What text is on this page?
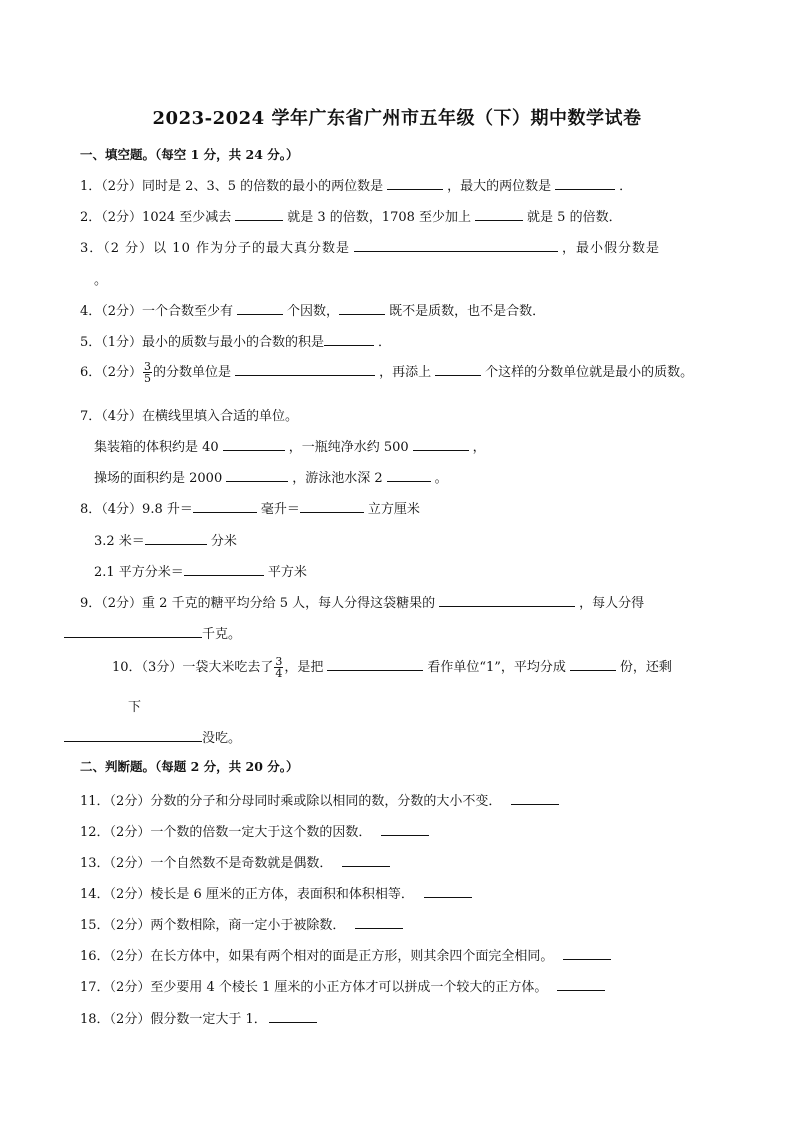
2023-2024 学年广东省广州市五年级（下）期中数学试卷
一、填空题。（每空 1 分，共 24 分。）
1．（2分）同时是 2、3、5 的倍数的最小的两位数是	，最大的两位数是	．
2．（2分）1024 至少减去	就是 3 的倍数，1708 至少加上	就是 5 的倍数．
3．（2 分）以 10 作为分子的最大真分数是	，最小假分数是
。
4．（2分）一个合数至少有	个因数，	既不是质数，也不是合数．
5．（1分）最小的质数与最小的合数的积是	．
6．（2分） $\frac{3}{5}$ 的分数单位是	，再添上	个这样的分数单位就是最小的质数。
7．（4分）在横线里填入合适的单位。
集装箱的体积约是 40	，一瓶纯净水约 500	，
操场的面积约是 2000	，游泳池水深 2	。
8．（4分）9.8 升＝	毫升＝	立方厘米
3.2 米＝	分米
2.1 平方分米＝	平方米
9．（2分）重 2 千克的糖平均分给 5 人，每人分得这袋糖果的	，每人分得
千克。
10．（3分）一袋大米吃去了 $\frac{3}{4}$ ，是把	看作单位“1”，平均分成	份，还剩
下
没吃。
二、判断题。（每题 2 分，共 20 分。）
11．（2分）分数的分子和分母同时乘或除以相同的数，分数的大小不变．
12．（2分）一个数的倍数一定大于这个数的因数．
13．（2分）一个自然数不是奇数就是偶数．
14．（2分）棱长是 6 厘米的正方体，表面积和体积相等．
15．（2分）两个数相除，商一定小于被除数．
16．（2分）在长方体中，如果有两个相对的面是正方形，则其余四个面完全相同。
17．（2分）至少要用 4 个棱长 1 厘米的小正方体才可以拼成一个较大的正方体。
18．（2分）假分数一定大于 1．
